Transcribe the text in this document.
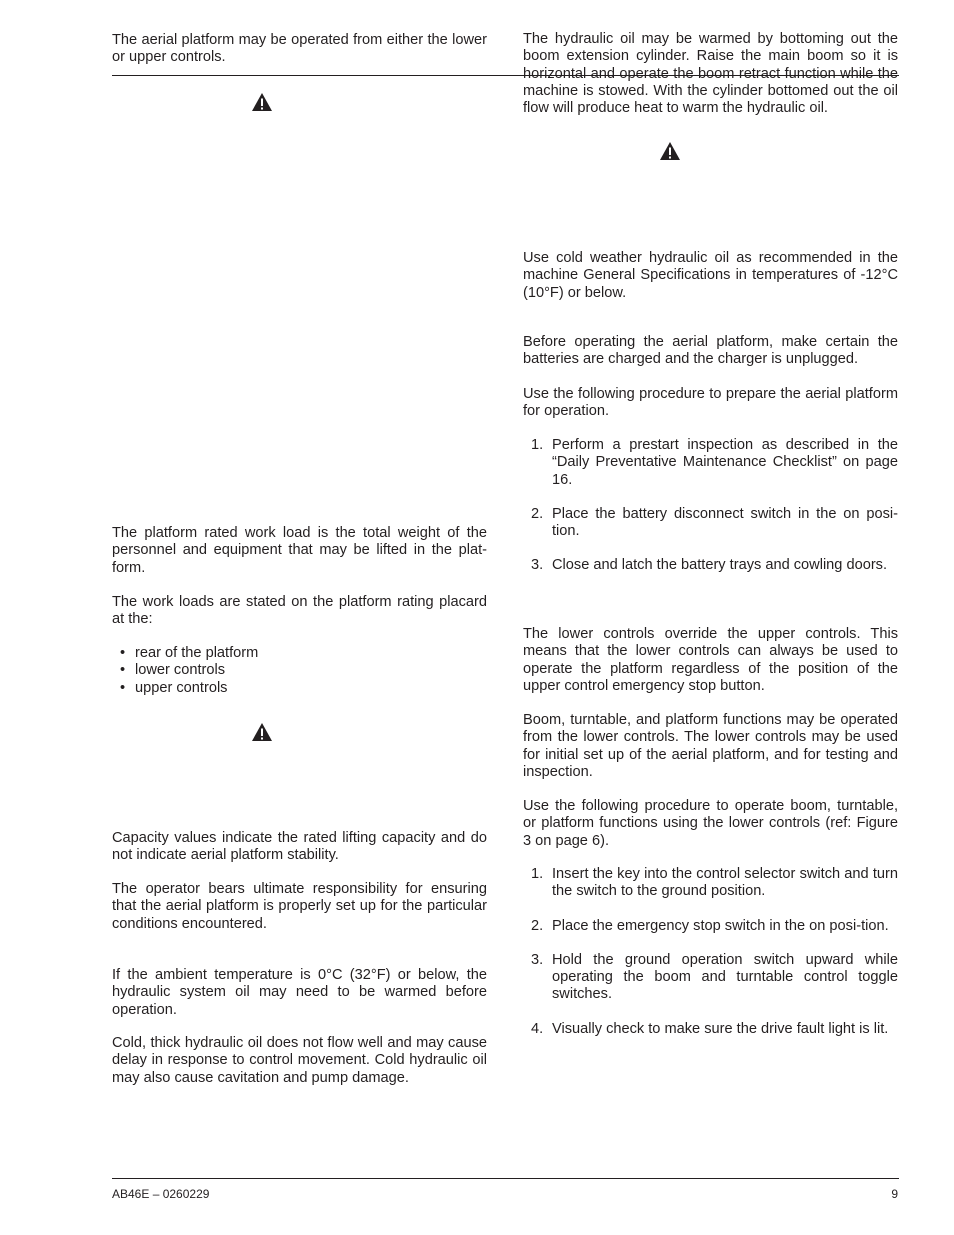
The aerial platform may be operated from either the lower or upper controls.

The platform rated work load is the total weight of the personnel and equipment that may be lifted in the plat-form.

The work loads are stated on the platform rating placard at the:

• rear of the platform
• lower controls
• upper controls

Capacity values indicate the rated lifting capacity and do not indicate aerial platform stability.

The operator bears ultimate responsibility for ensuring that the aerial platform is properly set up for the particular conditions encountered.

If the ambient temperature is 0°C (32°F) or below, the hydraulic system oil may need to be warmed before operation.

Cold, thick hydraulic oil does not flow well and may cause delay in response to control movement. Cold hydraulic oil may also cause cavitation and pump damage.

The hydraulic oil may be warmed by bottoming out the boom extension cylinder. Raise the main boom so it is horizontal and operate the boom retract function while the machine is stowed. With the cylinder bottomed out the oil flow will produce heat to warm the hydraulic oil.

Use cold weather hydraulic oil as recommended in the machine General Specifications in temperatures of -12°C (10°F) or below.

Before operating the aerial platform, make certain the batteries are charged and the charger is unplugged.

Use the following procedure to prepare the aerial platform for operation.

1. Perform a prestart inspection as described in the “Daily Preventative Maintenance Checklist” on page 16.
2. Place the battery disconnect switch in the on posi-tion.
3. Close and latch the battery trays and cowling doors.

The lower controls override the upper controls. This means that the lower controls can always be used to operate the platform regardless of the position of the upper control emergency stop button.

Boom, turntable, and platform functions may be operated from the lower controls. The lower controls may be used for initial set up of the aerial platform, and for testing and inspection.

Use the following procedure to operate boom, turntable, or platform functions using the lower controls (ref: Figure 3 on page 6).

1. Insert the key into the control selector switch and turn the switch to the ground position.
2. Place the emergency stop switch in the on posi-tion.
3. Hold the ground operation switch upward while operating the boom and turntable control toggle switches.
4. Visually check to make sure the drive fault light is lit.
AB46E – 0260229	9
